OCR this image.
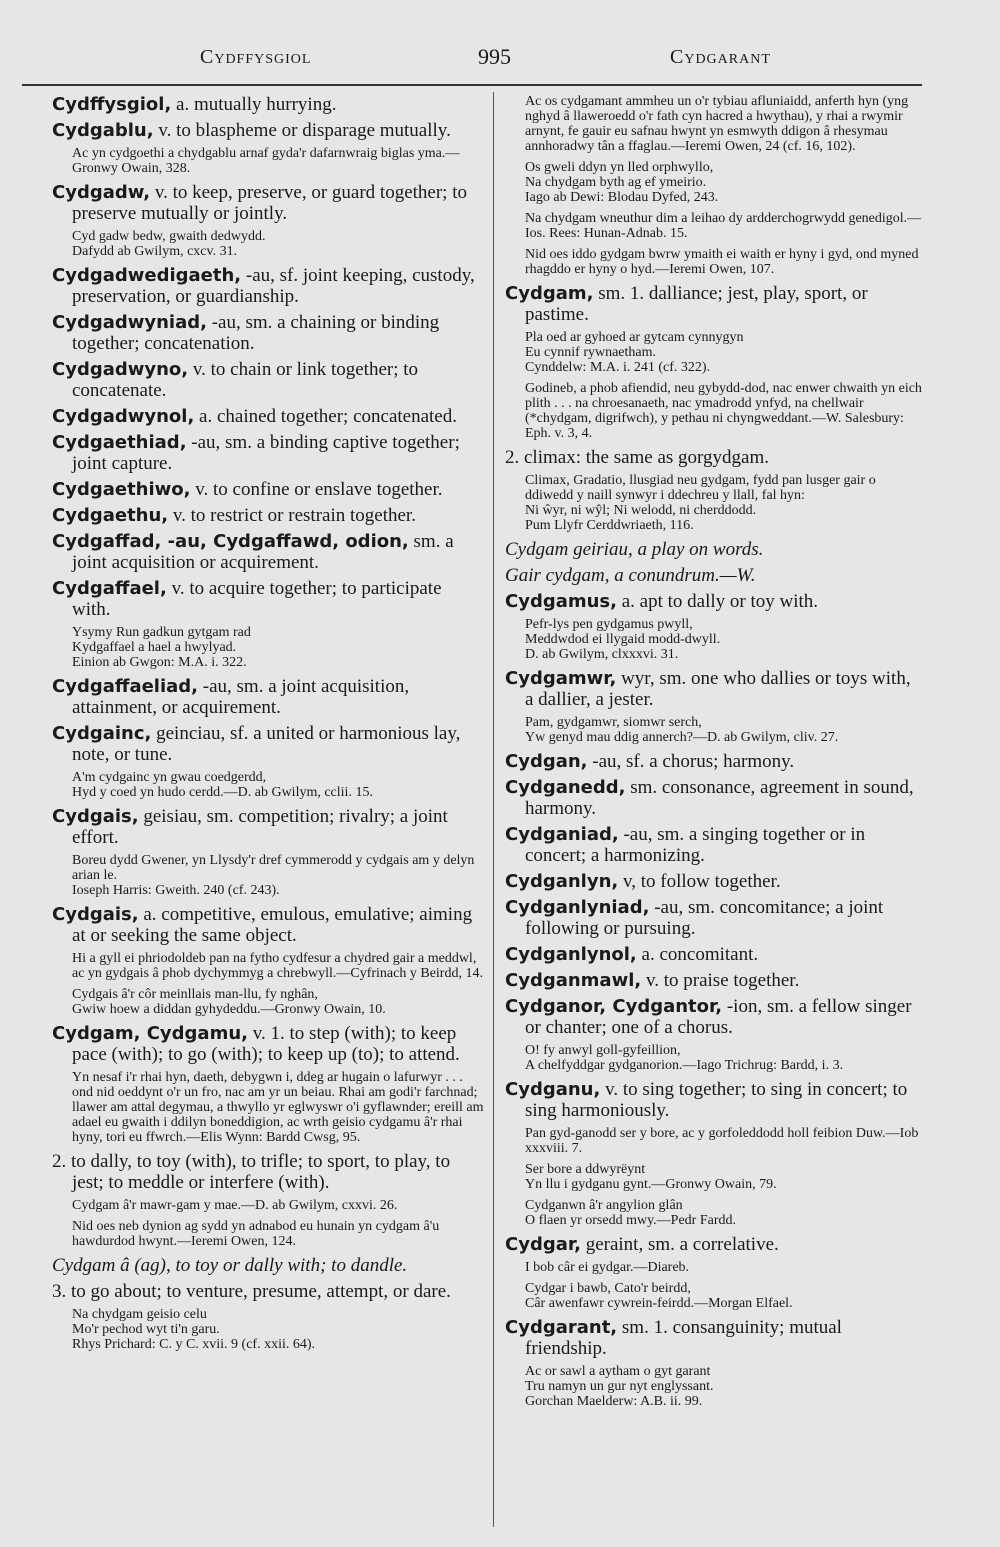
Cydffysgiol	995	Cydgarant
Cydffysgiol, a. mutually hurrying.
Cydgablu, v. to blaspheme or disparage mutually.
Ac yn cydgoethi a chydgablu arnaf gyda'r dafarnwraig biglas yma.—Gronwy Owain, 328.
Cydgadw, v. to keep, preserve, or guard together; to preserve mutually or jointly.
Cyd gadw bedw, gwaith dedwydd.
Dafydd ab Gwilym, cxcv. 31.
Cydgadwedigaeth, -au, sf. joint keeping, custody, preservation, or guardianship.
Cydgadwyniad, -au, sm. a chaining or binding together; concatenation.
Cydgadwyno, v. to chain or link together; to concatenate.
Cydgadwynol, a. chained together; concatenated.
Cydgaethiad, -au, sm. a binding captive together; joint capture.
Cydgaethiwo, v. to confine or enslave together.
Cydgaethu, v. to restrict or restrain together.
Cydgaffad, -au, Cydgaffawd, odion, sm. a joint acquisition or acquirement.
Cydgaffael, v. to acquire together; to participate with.
Ysymy Run gadkun gytgam rad
Kydgaffael a hael a hwylyad.
Einion ab Gwgon: M.A. i. 322.
Cydgaffaeliad, -au, sm. a joint acquisition, attainment, or acquirement.
Cydgainc, geinciau, sf. a united or harmonious lay, note, or tune.
A'm cydgainc yn gwau coedgerdd,
Hyd y coed yn hudo cerdd.—D. ab Gwilym, cclii. 15.
Cydgais, geisiau, sm. competition; rivalry; a joint effort.
Boreu dydd Gwener, yn Llysdy'r dref cymmerodd y cydgais am y delyn arian le.
Ioseph Harris: Gweith. 240 (cf. 243).
Cydgais, a. competitive, emulous, emulative; aiming at or seeking the same object.
Hi a gyll ei phriodoldeb pan na fytho cydfesur a chydred gair a meddwl, ac yn gydgais â phob dychymmyg a chrebwyll.—Cyfrinach y Beirdd, 14.
Cydgais â'r côr meinllais man-llu, fy nghân,
Gwiw hoew a diddan gyhydeddu.—Gronwy Owain, 10.
Cydgam, Cydgamu, v. 1. to step (with); to keep pace (with); to go (with); to keep up (to); to attend.
Yn nesaf i'r rhai hyn, daeth, debygwn i, ddeg ar hugain o lafurwyr . . . ond nid oeddynt o'r un fro, nac am yr un beiau. Rhai am godi'r farchnad; llawer am attal degymau, a thwyllo yr eglwyswr o'i gyflawnder; ereill am adael eu gwaith i ddilyn boneddigion, ac wrth geisio cydgamu â'r rhai hyny, tori eu ffwrch.—Elis Wynn: Bardd Cwsg, 95.
2. to dally, to toy (with), to trifle; to sport, to play, to jest; to meddle or interfere (with).
Cydgam â'r mawr-gam y mae.—D. ab Gwilym, cxxvi. 26.
Nid oes neb dynion ag sydd yn adnabod eu hunain yn cydgam â'u hawdurdod hwynt.—Ieremi Owen, 124.
Cydgam â (ag), to toy or dally with; to dandle.
3. to go about; to venture, presume, attempt, or dare.
Na chydgam geisio celu
Mo'r pechod wyt ti'n garu.
Rhys Prichard: C. y C. xvii. 9 (cf. xxii. 64).
Ac os cydgamant ammheu un o'r tybiau afluniaidd, anferth hyn (yng nghyd â llaweroedd o'r fath cyn hacred a hwythau), y rhai a rwymir arnynt, fe gauir eu safnau hwynt yn esmwyth ddigon â rhesymau annhoradwy tân a ffaglau.—Ieremi Owen, 24 (cf. 16, 102).
Os gweli ddyn yn lled orphwyllo,
Na chydgam byth ag ef ymeirio.
Iago ab Dewi: Blodau Dyfed, 243.
Na chydgam wneuthur dim a leihao dy ardderchogrwydd genedigol.—Ios. Rees: Hunan-Adnab. 15.
Nid oes iddo gydgam bwrw ymaith ei waith er hyny i gyd, ond myned rhagddo er hyny o hyd.—Ieremi Owen, 107.
Cydgam, sm. 1. dalliance; jest, play, sport, or pastime.
Pla oed ar gyhoed ar gytcam cynnygyn
Eu cynnif rywnaetham.
Cynddelw: M.A. i. 241 (cf. 322).
Godineb, a phob afiendid, neu gybydd-dod, nac enwer chwaith yn eich plith . . . na chroesanaeth, nac ymadrodd ynfyd, na chellwair (*chydgam, digrifwch), y pethau ni chyngweddant.—W. Salesbury: Eph. v. 3, 4.
2. climax: the same as gorgydgam.
Climax, Gradatio, llusgiad neu gydgam, fydd pan lusger gair o ddiwedd y naill synwyr i ddechreu y llall, fal hyn:
Ni ŵyr, ni wŷl; Ni welodd, ni cherddodd.
Pum Llyfr Cerddwriaeth, 116.
Cydgam geiriau, a play on words.
Gair cydgam, a conundrum.—W.
Cydgamus, a. apt to dally or toy with.
Pefr-lys pen gydgamus pwyll,
Meddwdod ei llygaid modd-dwyll.
D. ab Gwilym, clxxxvi. 31.
Cydgamwr, wyr, sm. one who dallies or toys with, a dallier, a jester.
Pam, gydgamwr, siomwr serch,
Yw genyd mau ddig annerch?—D. ab Gwilym, cliv. 27.
Cydgan, -au, sf. a chorus; harmony.
Cydganedd, sm. consonance, agreement in sound, harmony.
Cydganiad, -au, sm. a singing together or in concert; a harmonizing.
Cydganlyn, v, to follow together.
Cydganlyniad, -au, sm. concomitance; a joint following or pursuing.
Cydganlynol, a. concomitant.
Cydganmawl, v. to praise together.
Cydganor, Cydgantor, -ion, sm. a fellow singer or chanter; one of a chorus.
O! fy anwyl goll-gyfeillion,
A chelfyddgar gydganorion.—Iago Trichrug: Bardd, i. 3.
Cydganu, v. to sing together; to sing in concert; to sing harmoniously.
Pan gyd-ganodd ser y bore, ac y gorfoleddodd holl feibion Duw.—Iob xxxviii. 7.
Ser bore a ddwyrëynt
Yn llu i gydganu gynt.—Gronwy Owain, 79.
Cydganwn â'r angylion glân
O flaen yr orsedd mwy.—Pedr Fardd.
Cydgar, geraint, sm. a correlative.
I bob câr ei gydgar.—Diareb.
Cydgar i bawb, Cato'r beirdd,
Câr awenfawr cywrein-feirdd.—Morgan Elfael.
Cydgarant, sm. 1. consanguinity; mutual friendship.
Ac or sawl a aytham o gyt garant
Tru namyn un gur nyt englyssant.
Gorchan Maelderw: A.B. ii. 99.
